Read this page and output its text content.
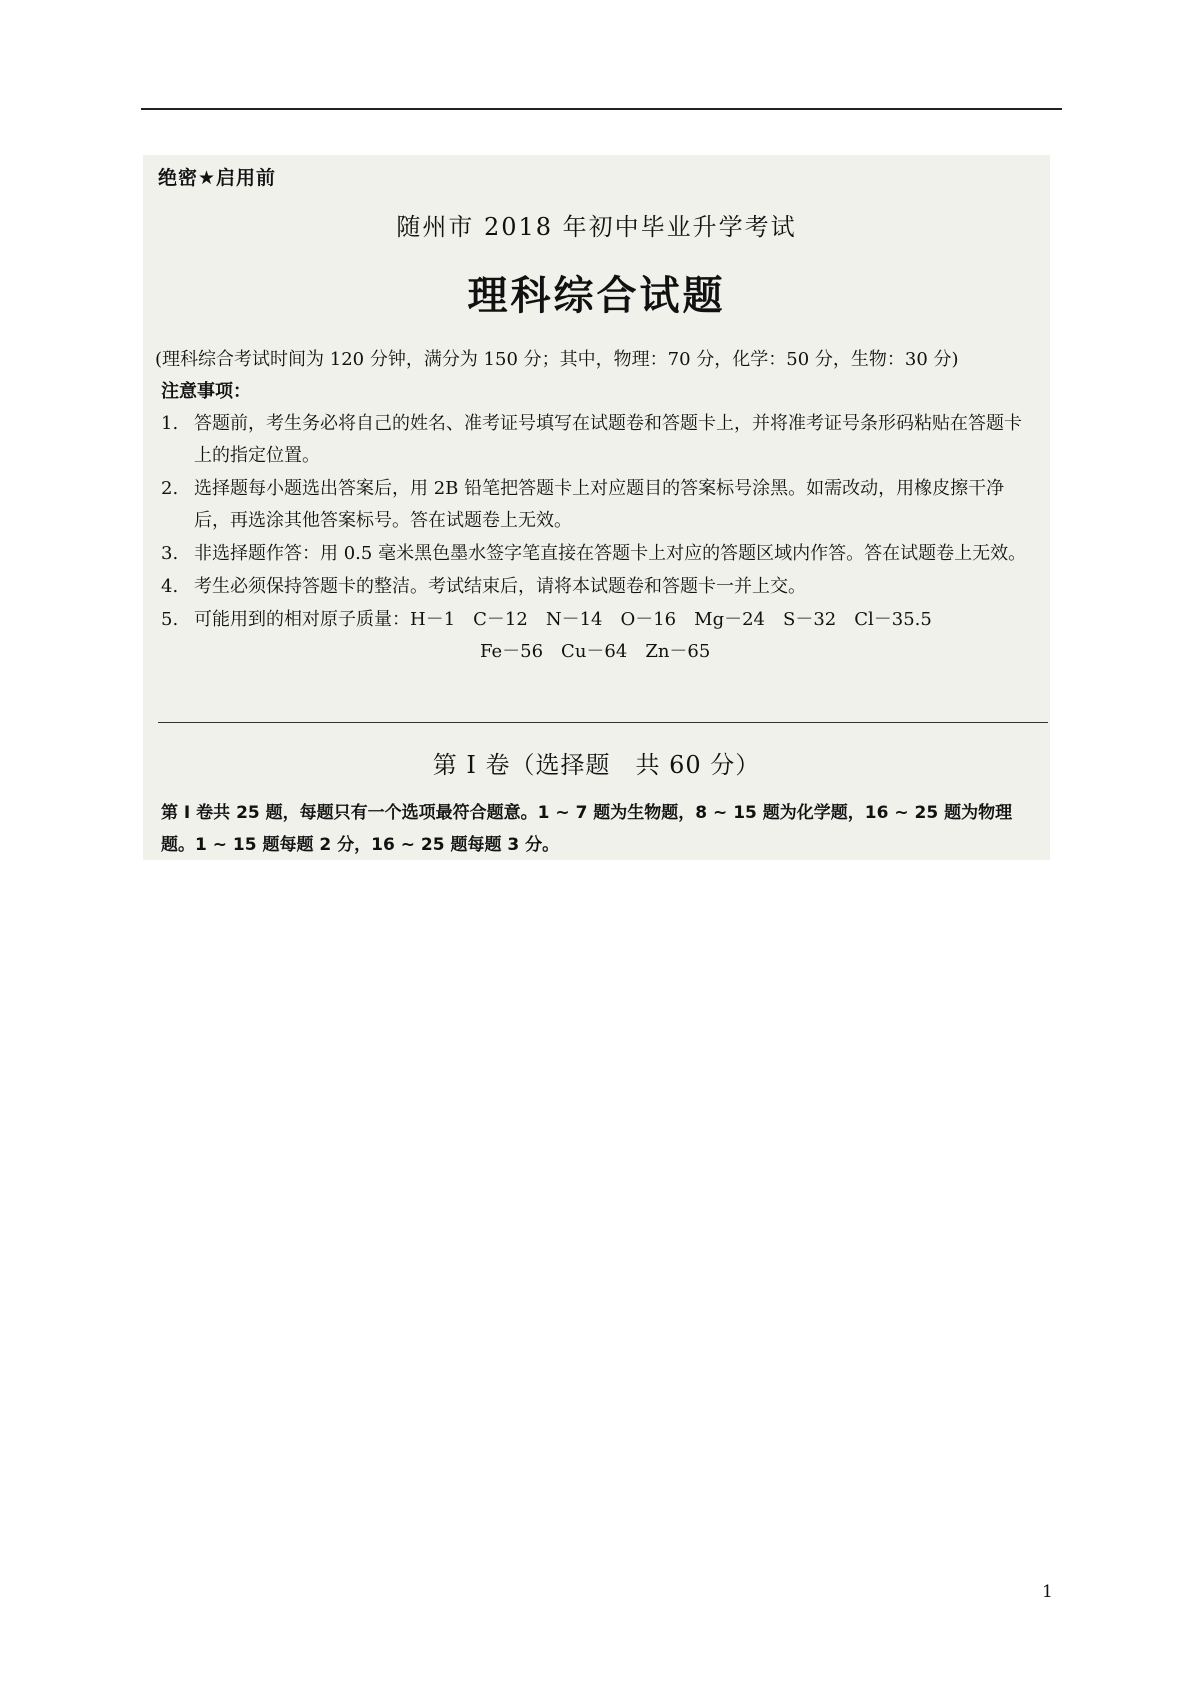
绝密★启用前
随州市 2018 年初中毕业升学考试
理科综合试题
(理科综合考试时间为 120 分钟，满分为 150 分；其中，物理：70 分，化学：50 分，生物：30 分)
注意事项：
1. 答题前，考生务必将自己的姓名、准考证号填写在试题卷和答题卡上，并将准考证号条形码粘贴在答题卡上的指定位置。
2. 选择题每小题选出答案后，用 2B 铅笔把答题卡上对应题目的答案标号涂黑。如需改动，用橡皮擦干净后，再选涂其他答案标号。答在试题卷上无效。
3. 非选择题作答：用 0.5 毫米黑色墨水签字笔直接在答题卡上对应的答题区域内作答。答在试题卷上无效。
4. 考生必须保持答题卡的整洁。考试结束后，请将本试题卷和答题卡一并上交。
5. 可能用到的相对原子质量：H－1　C－12　N－14　O－16　Mg－24　S－32　Cl－35.5
Fe－56　Cu－64　Zn－65
第 I 卷（选择题　共 60 分）
第 I 卷共 25 题，每题只有一个选项最符合题意。1 ~ 7 题为生物题，8 ~ 15 题为化学题，16 ~ 25 题为物理题。1 ~ 15 题每题 2 分，16 ~ 25 题每题 3 分。
1
